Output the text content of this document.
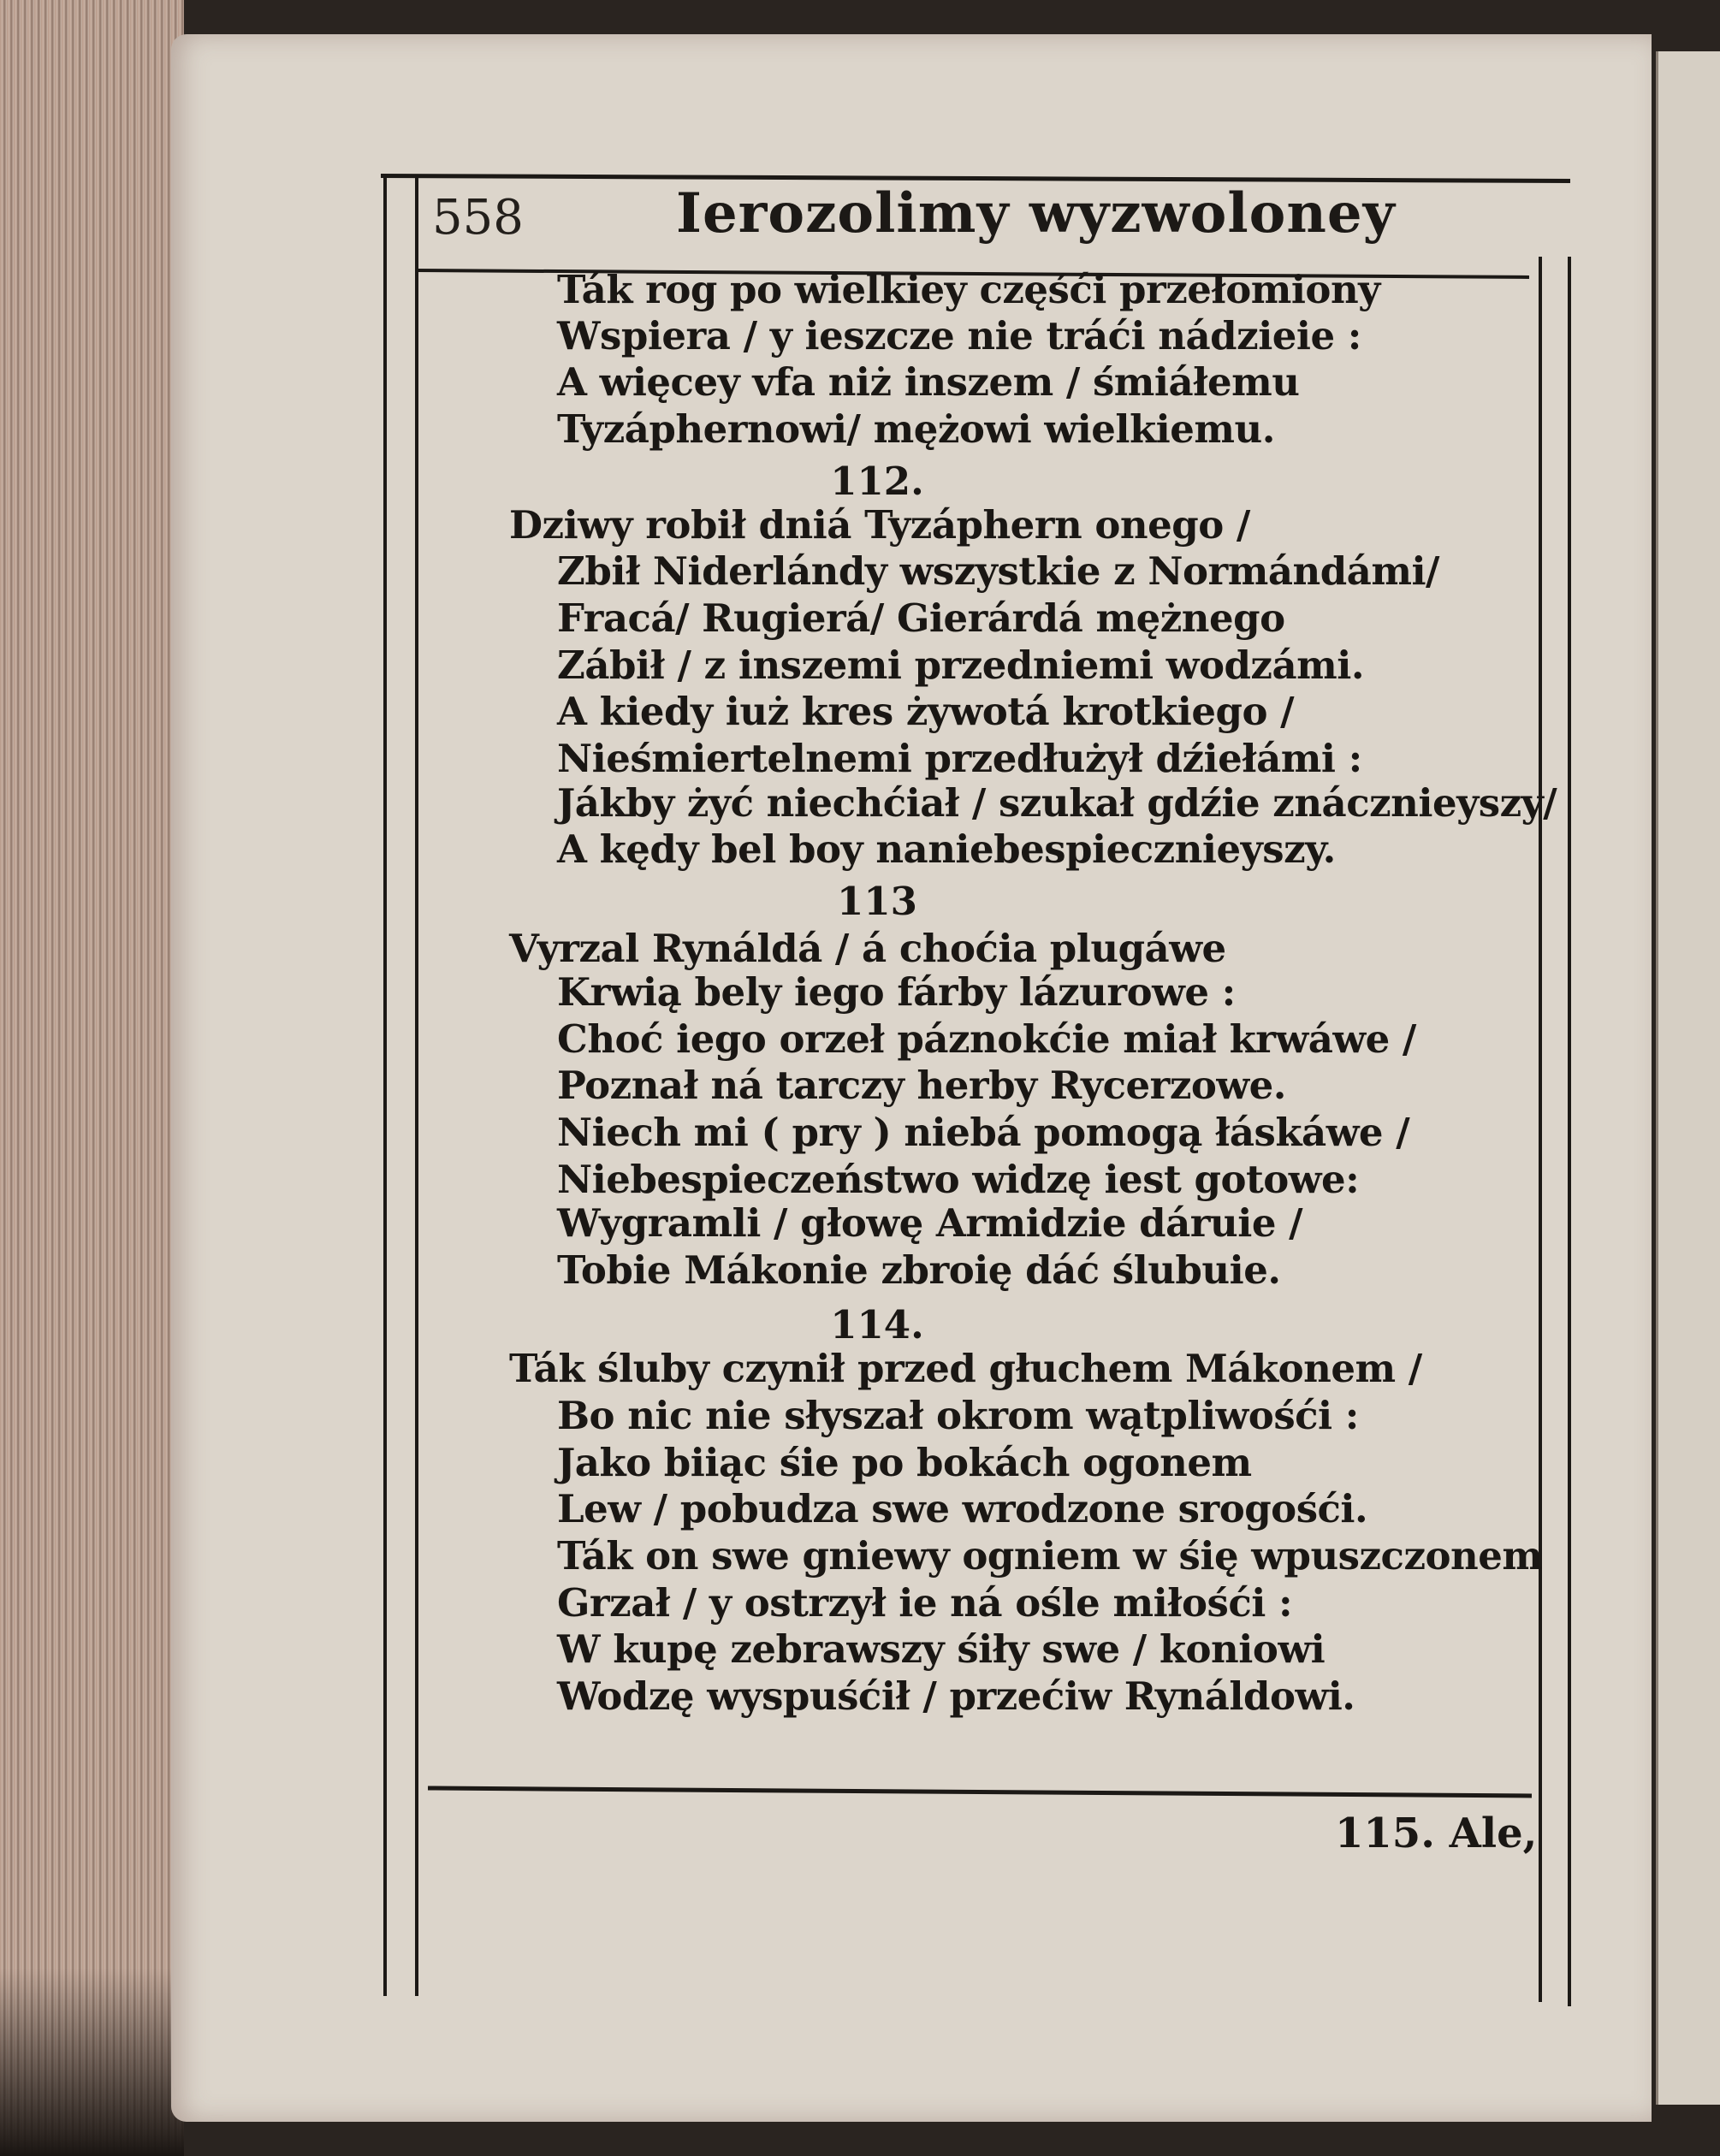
558	Ierozolimy wyzwoloney
Ták rog po wielkiey częśći przełomiony
Wspiera / y ieszcze nie tráći nádzieie :
A więcey vfa niż inszem / śmiáłemu
Tyzáphernowi/ mężowi wielkiemu.
112.
Dziwy robił dniá Tyzáphern onego /
Zbił Niderlándy wszystkie z Normándámi/
Fracá/ Rugierá/ Gierárdá mężnego
Zábił / z inszemi przedniemi wodzámi.
A kiedy iuż kres żywotá krotkiego /
Nieśmiertelnemi przedłużył dźiełámi :
Jákby żyć niechćiał / szukał gdźie znácznieyszy/
A kędy bel boy naniebespiecznieyszy.
113
Vyrzal Rynáldá / á choćia plugáwe
Krwią bely iego fárby lázurowe :
Choć iego orzeł páznokćie miał krwáwe /
Poznał ná tarczy herby Rycerzowe.
Niech mi ( pry ) niebá pomogą łáskáwe /
Niebespieczeństwo widzę iest gotowe:
Wygramli / głowę Armidzie dáruie /
Tobie Mákonie zbroię dáć ślubuie.
114.
Ták śluby czynił przed głuchem Mákonem /
Bo nic nie słyszał okrom wątpliwośći :
Jako biiąc śie po bokách ogonem
Lew / pobudza swe wrodzone srogośći.
Ták on swe gniewy ogniem w śię wpuszczonem
Grzał / y ostrzył ie ná ośle miłośći :
W kupę zebrawszy śiły swe / koniowi
Wodzę wyspuśćił / przećiw Rynáldowi.
115. Ale,
